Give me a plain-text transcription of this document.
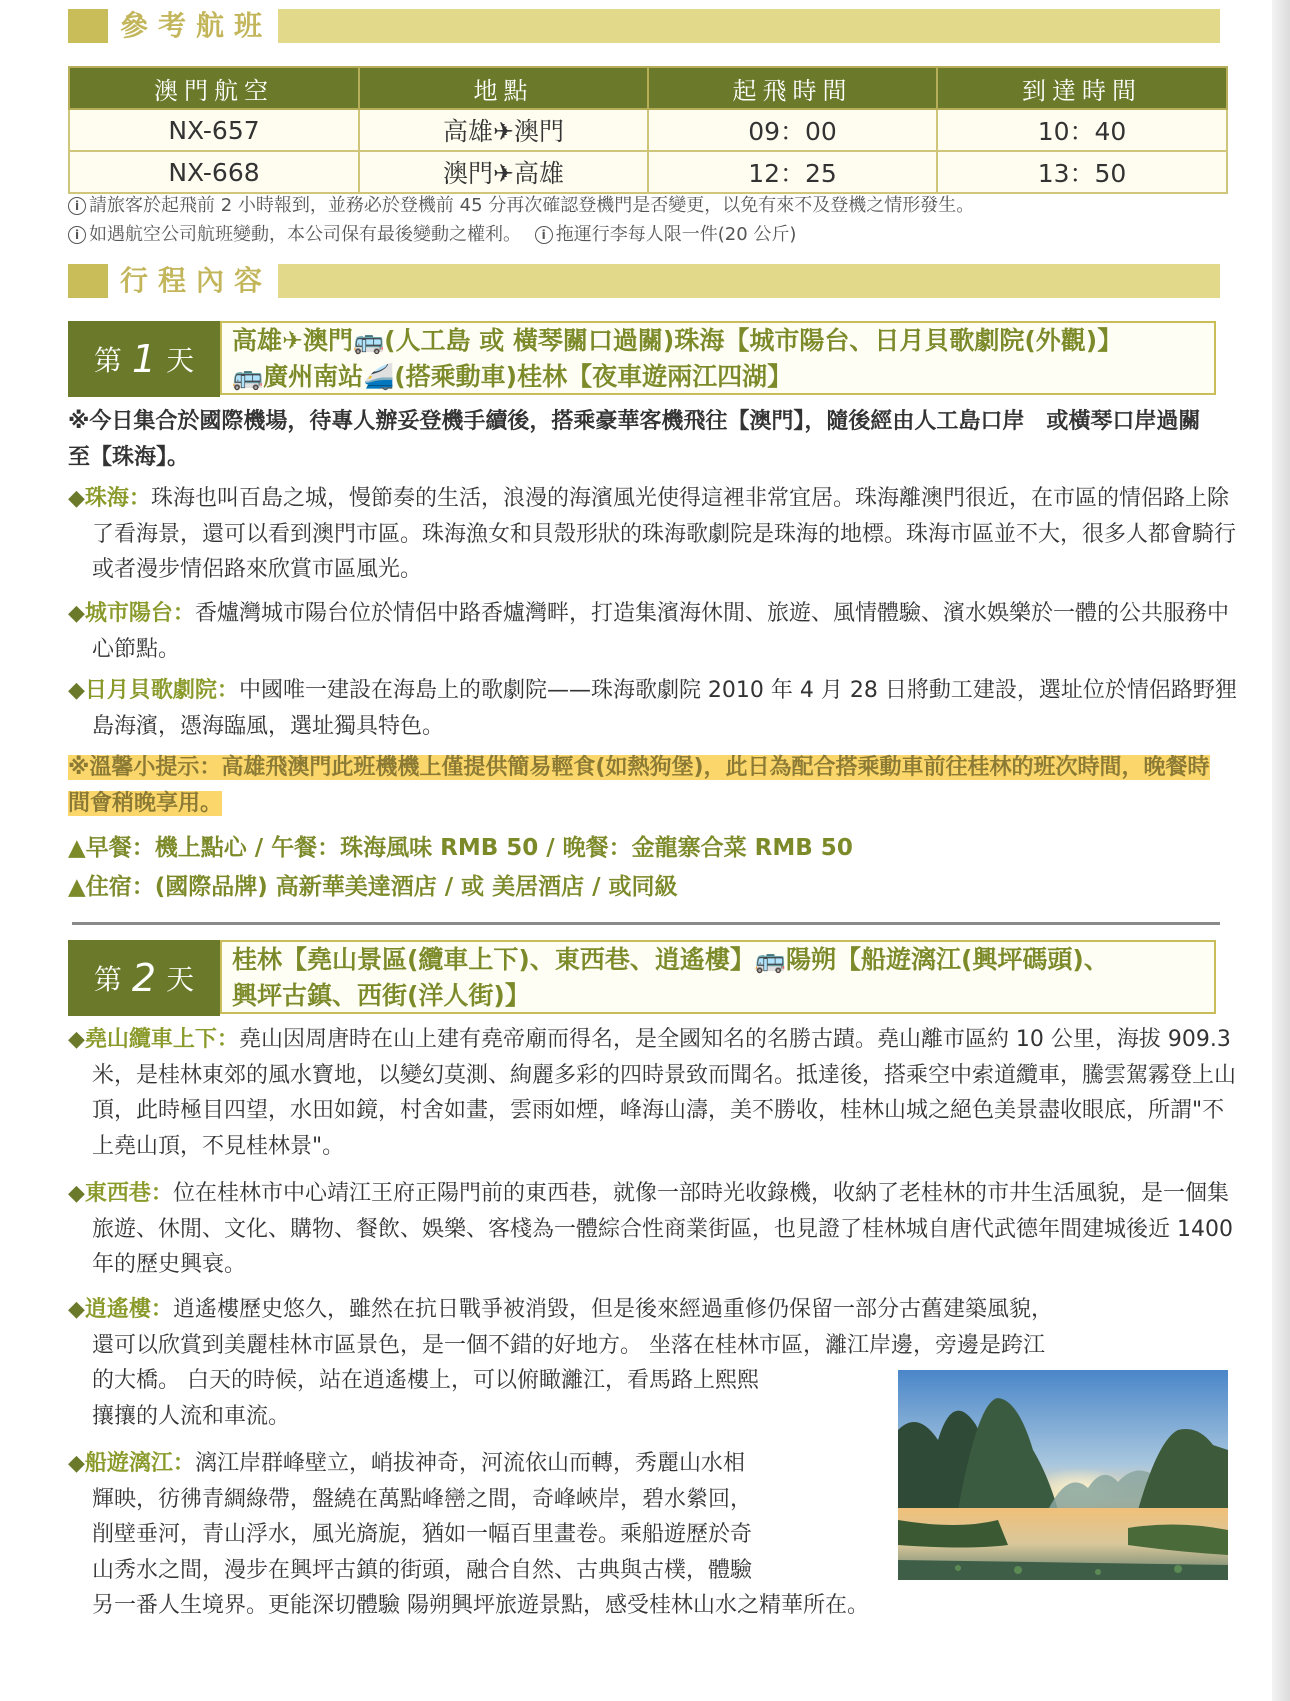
參考航班
澳門航空	地點	起飛時間	到達時間
NX-657	高雄✈澳門	09：00	10：40
NX-668	澳門✈高雄	12：25	13：50
i 請旅客於起飛前 2 小時報到，並務必於登機前 45 分再次確認登機門是否變更，以免有來不及登機之情形發生。
i 如遇航空公司航班變動，本公司保有最後變動之權利。 i 拖運行李每人限一件(20 公斤)
行程內容
第 1 天
高雄✈澳門🚌(人工島 或 橫琴關口過關)珠海【城市陽台、日月貝歌劇院(外觀)】
🚌廣州南站🚄(搭乘動車)桂林【夜車遊兩江四湖】
※今日集合於國際機場，待專人辦妥登機手續後，搭乘豪華客機飛往【澳門】，隨後經由人工島口岸　或橫琴口岸過關至【珠海】。
◆珠海：珠海也叫百島之城，慢節奏的生活，浪漫的海濱風光使得這裡非常宜居。珠海離澳門很近，在市區的情侶路上除了看海景，還可以看到澳門市區。珠海漁女和貝殼形狀的珠海歌劇院是珠海的地標。珠海市區並不大，很多人都會騎行或者漫步情侶路來欣賞市區風光。
◆城市陽台：香爐灣城市陽台位於情侶中路香爐灣畔，打造集濱海休閒、旅遊、風情體驗、濱水娛樂於一體的公共服務中心節點。
◆日月貝歌劇院：中國唯一建設在海島上的歌劇院——珠海歌劇院 2010 年 4 月 28 日將動工建設，選址位於情侶路野狸島海濱，憑海臨風，選址獨具特色。
※溫馨小提示：高雄飛澳門此班機機上僅提供簡易輕食(如熱狗堡)，此日為配合搭乘動車前往桂林的班次時間，晚餐時間會稍晚享用。
▲早餐：機上點心 / 午餐：珠海風味 RMB 50 / 晚餐：金龍寨合菜 RMB 50
▲住宿：(國際品牌) 高新華美達酒店 / 或 美居酒店 / 或同級
第 2 天
桂林【堯山景區(纜車上下)、東西巷、逍遙樓】🚌陽朔【船遊漓江(興坪碼頭)、
興坪古鎮、西街(洋人街)】
◆堯山纜車上下：堯山因周唐時在山上建有堯帝廟而得名，是全國知名的名勝古蹟。堯山離市區約 10 公里，海拔 909.3 米，是桂林東郊的風水寶地，以變幻莫測、絢麗多彩的四時景致而聞名。抵達後，搭乘空中索道纜車，騰雲駕霧登上山頂，此時極目四望，水田如鏡，村舍如畫，雲雨如煙，峰海山濤，美不勝收，桂林山城之絕色美景盡收眼底，所謂"不上堯山頂，不見桂林景"。
◆東西巷：位在桂林市中心靖江王府正陽門前的東西巷，就像一部時光收錄機，收納了老桂林的市井生活風貌，是一個集旅遊、休閒、文化、購物、餐飲、娛樂、客棧為一體綜合性商業街區，也見證了桂林城自唐代武德年間建城後近 1400 年的歷史興衰。
◆逍遙樓：逍遙樓歷史悠久，雖然在抗日戰爭被消毀，但是後來經過重修仍保留一部分古舊建築風貌，
還可以欣賞到美麗桂林市區景色，是一個不錯的好地方。 坐落在桂林市區，灕江岸邊，旁邊是跨江
的大橋。 白天的時候，站在逍遙樓上，可以俯瞰灕江，看馬路上熙熙
攘攘的人流和車流。
◆船遊漓江：漓江岸群峰壁立，峭拔神奇，河流依山而轉，秀麗山水相
輝映，彷彿青綢綠帶，盤繞在萬點峰巒之間，奇峰峽岸，碧水縈回，
削壁垂河，青山浮水，風光旖旎，猶如一幅百里畫卷。乘船遊歷於奇
山秀水之間，漫步在興坪古鎮的街頭，融合自然、古典與古樸，體驗
另一番人生境界。更能深切體驗 陽朔興坪旅遊景點，感受桂林山水之精華所在。
